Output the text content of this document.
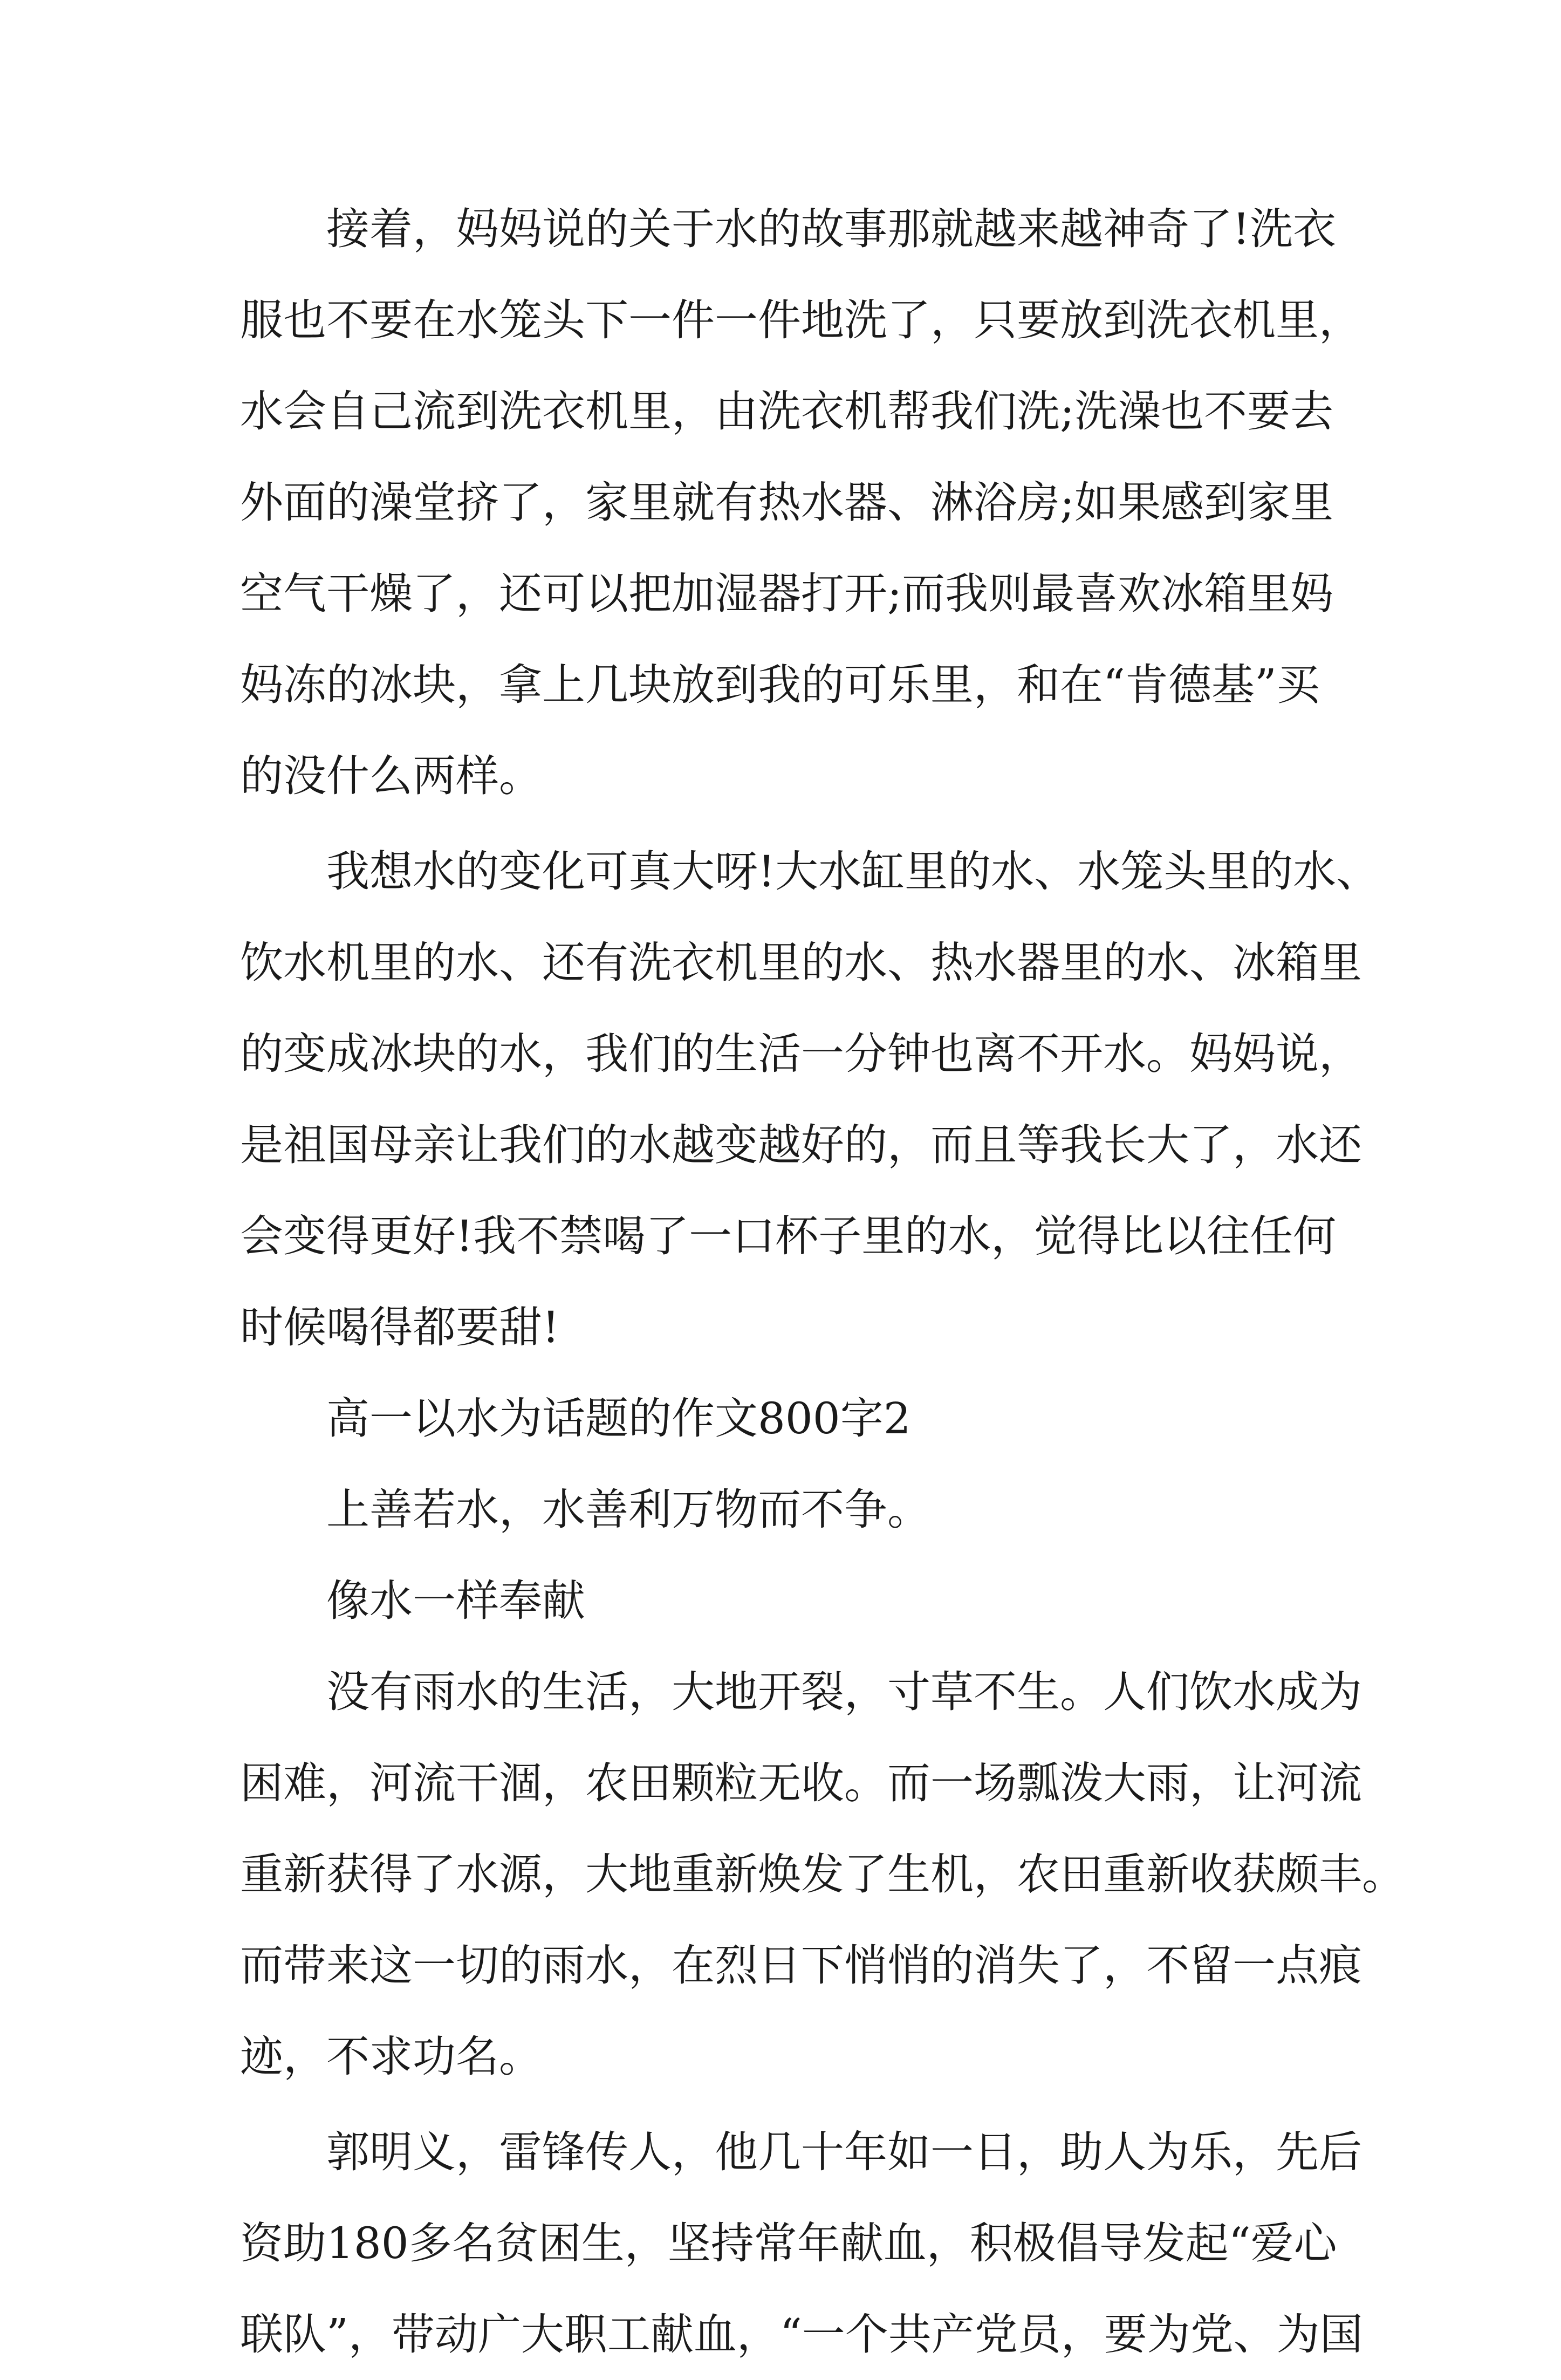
接着，妈妈说的关于水的故事那就越来越神奇了!洗衣
服也不要在水笼头下一件一件地洗了，只要放到洗衣机里，
水会自己流到洗衣机里，由洗衣机帮我们洗;洗澡也不要去
外面的澡堂挤了，家里就有热水器、淋浴房;如果感到家里
空气干燥了，还可以把加湿器打开;而我则最喜欢冰箱里妈
妈冻的冰块，拿上几块放到我的可乐里，和在“肯德基”买
的没什么两样。
我想水的变化可真大呀!大水缸里的水、水笼头里的水、
饮水机里的水、还有洗衣机里的水、热水器里的水、冰箱里
的变成冰块的水，我们的生活一分钟也离不开水。妈妈说，
是祖国母亲让我们的水越变越好的，而且等我长大了，水还
会变得更好!我不禁喝了一口杯子里的水，觉得比以往任何
时候喝得都要甜!
高一以水为话题的作文800字2
上善若水，水善利万物而不争。
像水一样奉献
没有雨水的生活，大地开裂，寸草不生。人们饮水成为
困难，河流干涸，农田颗粒无收。而一场瓢泼大雨，让河流
重新获得了水源，大地重新焕发了生机，农田重新收获颇丰。
而带来这一切的雨水，在烈日下悄悄的消失了，不留一点痕
迹，不求功名。
郭明义，雷锋传人，他几十年如一日，助人为乐，先后
资助180多名贫困生，坚持常年献血，积极倡导发起“爱心
联队”，带动广大职工献血，“一个共产党员，要为党、为国
